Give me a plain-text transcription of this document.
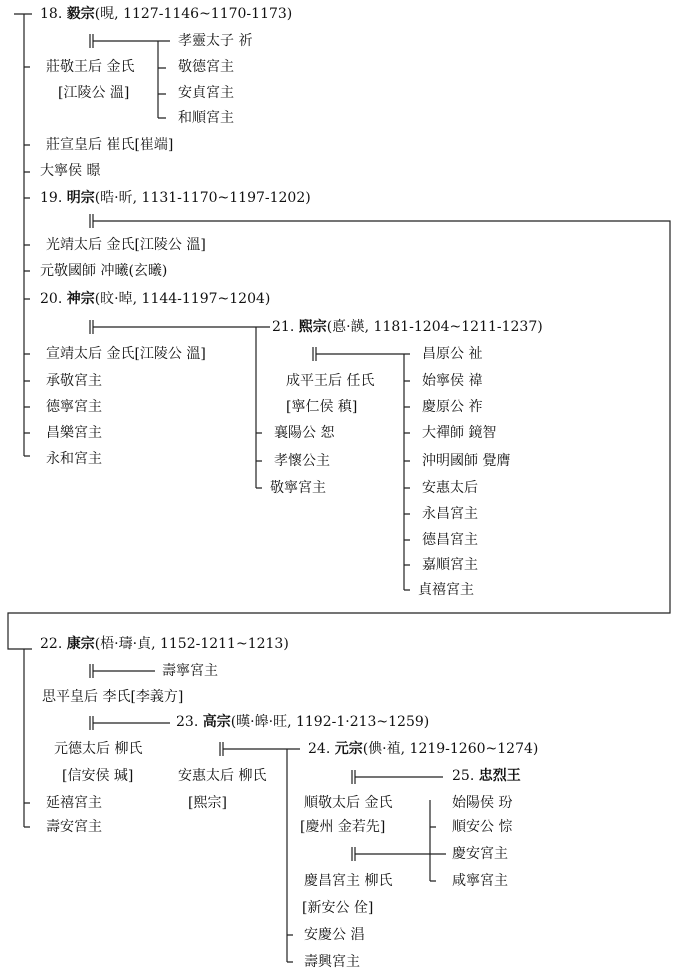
18. 毅宗(晛, 1127-1146~1170-1173)
孝靈太子 祈
莊敬王后 金氏	敬德宮主
[江陵公 溫]	安貞宮主
和順宮主
莊宣皇后 崔氏[崔端]
大寧侯 暻
19. 明宗(晧·昕, 1131-1170~1197-1202)
光靖太后 金氏[江陵公 溫]
元敬國師 冲曦(玄曦)
20. 神宗(旼·晫, 1144-1197~1204)
宣靖太后 金氏[江陵公 溫]
承敬宮主
德寧宮主
昌樂宮主
永和宮主
21. 熙宗(悳·韺, 1181-1204~1211-1237)
成平王后 任氏
[寧仁侯 稹]
襄陽公 恕
孝懷公主
敬寧宮主
昌原公 祉
始寧侯 禕
慶原公 祚
大禪師 鏡智
沖明國師 覺膺
安惠太后
永昌宮主
德昌宮主
嘉順宮主
貞禧宮主
22. 康宗(梧·璹·貞, 1152-1211~1213)
壽寧宮主
思平皇后 李氏[李義方]
元德太后 柳氏
[信安侯 瑊]
延禧宮主
壽安宮主
23. 高宗(暵·皞·旺, 1192-1·213~1259)
安惠太后 柳氏
[熙宗]
24. 元宗(倎·禃, 1219-1260~1274)
順敬太后 金氏
[慶州 金若先]
慶昌宮主 柳氏
[新安公 佺]
安慶公 淐
壽興宮主
始陽侯 玢
順安公 悰
慶安宮主
咸寧宮主
25. 忠烈王
